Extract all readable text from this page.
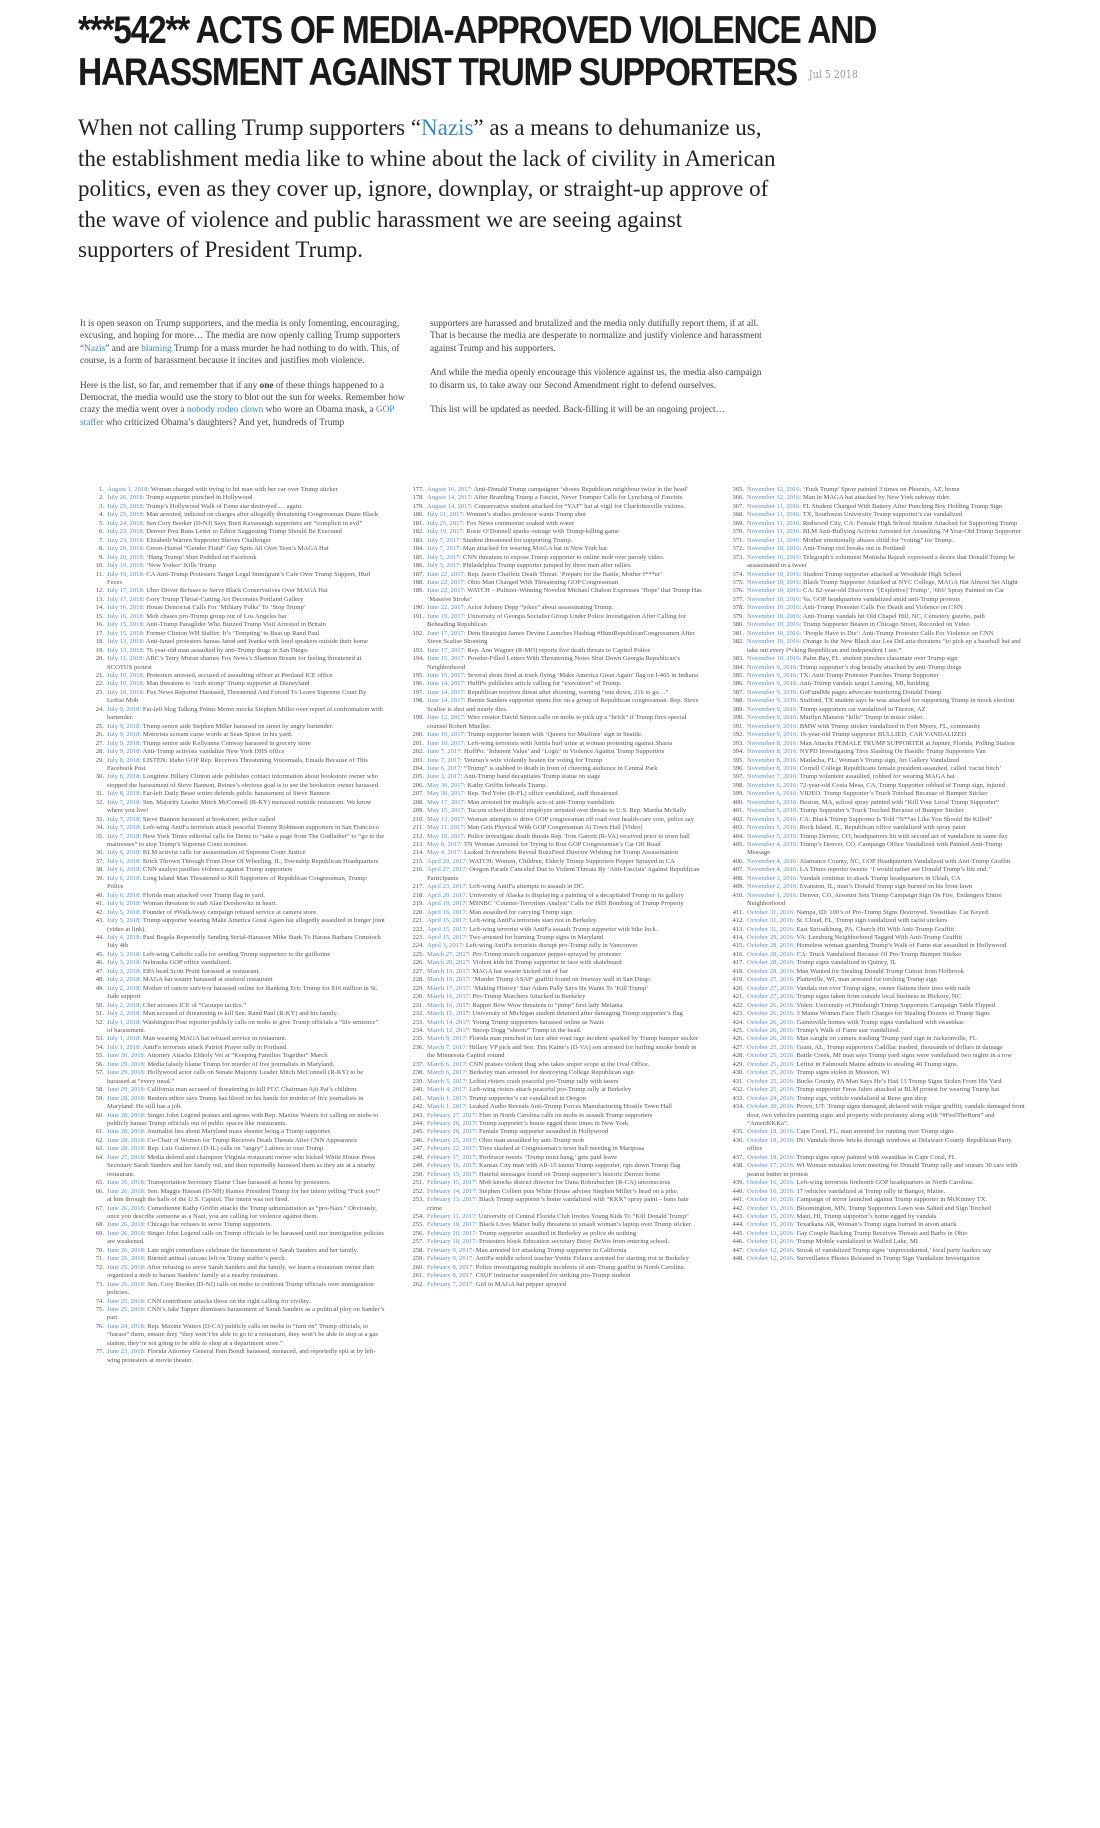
***542** ACTS OF MEDIA-APPROVED VIOLENCE AND
HARASSMENT AGAINST TRUMP SUPPORTERS Jul 5 2018
When not calling Trump supporters “Nazis” as a means to dehumanize us, the establishment media like to whine about the lack of civility in American politics, even as they cover up, ignore, downplay, or straight-up approve of the wave of violence and public harassment we are seeing against supporters of President Trump.

It is open season on Trump supporters, and the media is only fomenting, encouraging, excusing, and hoping for more… The media are now openly calling Trump supporters “Nazis” and are blaming Trump for a mass murder he had nothing to do with. This, of course, is a form of harassment because it incites and justifies mob violence.

Here is the list, so far, and remember that if any one of these things happened to a Democrat, the media would use the story to blot out the sun for weeks. Remember how crazy the media went over a nobody rodeo clown who wore an Obama mask, a GOP staffer who criticized Obama’s daughters? And yet, hundreds of Trump

supporters are harassed and brutalized and the media only dutifully report them, if at all. That is because the media are desperate to normalize and justify violence and harassment against Trump and his supporters.

And while the media openly encourage this violence against us, the media also campaign to disarm us, to take away our Second Amendment right to defend ourselves.

This list will be updated as needed. Back-filling it will be an ongoing project…

1. August 1, 2018: Woman charged with trying to hit man with her car over Trump sticker
2. July 26, 2018: Trump supporter punched in Hollywood
3. July 25, 2018: Trump’s Hollywood Walk of Fame star destroyed … again.
4. July 25, 2018: Man arrested, indicted on charges after allegedly threatening Congressman Diane Black
5. July 24, 2018: Sen Cory Booker (D-NJ) Says Brett Kavanaugh supporters are “complicit in evil”
6. July 23, 2018: Denver Post Runs Letter to Editor Suggesting Trump Should Be Executed
7. July 23, 2018: Elizabeth Warren Supporter Shoves Challenger
8. July 20, 2018: Green-Haired “Gender Fluid” Guy Spits All Over Teen’s MAGA Hat
9. July 20, 2018: ‘Hang Trump’ Shirt Peddled on Facebook
10. July 19, 2018: ‘New Yorker’ Kills Trump
11. July 19, 2018: CA Anti-Trump Protesters Target Legal Immigrant’s Cafe Over Trump Support, Hurl Feces
12. July 17, 2018: Uber Driver Refuses to Serve Black Conservatives Over MAGA Hat
13. July 17, 2018: Gory Trump Throat-Cutting Art Decorates Portland Gallery
14. July 16, 2018: House Democrat Calls For ‘Military Folks’ To ‘Stop Trump’
15. July 16, 2018: Mob chases pro-Trump group out of Los Angeles bar
16. July 15, 2018: Anti-Trump Paraglider Who Buzzed Trump Visit Arrested in Britain
17. July 15, 2018: Former Clinton WH Staffer: It’s ‘Tempting’ to Beat up Rand Paul
18. July 13, 2018: Anti-Israel protesters harass Jared and Ivanka with loud speakers outside their home
19. July 13, 2018: 76 year-old man assaulted by anti-Trump thugs in San Diego.
20. July 11, 2018: ABC’s Terry Moran shames Fox News’s Shannon Bream for feeling threatened at SCOTUS protest
21. July 10, 2018: Protesters arrested, accused of assaulting officer at Portland ICE office
22. July 10, 2018: Man threatens to ‘curb stomp’ Trump supporter at Disneyland
23. July 10, 2018: Fox News Reporter Harassed, Threatened And Forced To Leave Supreme Court By Leftist Mob
24. July 9, 2018: Far-left blog Talking Points Memo mocks Stephen Miller over report of confrontation with bartender.
25. July 9, 2018: Trump senior aide Stephen Miller harassed on street by angry bartender.
26. July 9, 2018: Motorists scream curse words at Sean Spicer in his yard.
27. July 9, 2018: Trump senior aide Kellyanne Conway harassed in grocery store
28. July 9, 2018: Anti-Trump activists vandalize New York DHS office
29. July 8, 2018: LISTEN: Idaho GOP Rep. Receives Threatening Voicemails, Emails Because of This Facebook Post
30. July 8, 2018: Longtime Hillary Clinton aide publishes contact information about bookstore owner who stopped the harassment of Steve Bannon, Reines’s obvious goal is to see the bookstore owner harassed.
31. July 8, 2018: Far-left Daily Beast writer defends public harassment of Steve Bannon
32. July 7, 2018: Sen. Majority Leader Mitch McConnell (R-KY) menaced outside restaurant. We know where you live!
33. July 7, 2018: Steve Bannon harassed at bookstore; police called
34. July 7, 2018: Left-wing AntiFa terrorists attack peaceful Tommy Robinson supporters in San Francisco
35. July 7, 2018: New York Times editorial calls for Dems to “take a page from The Godfather” to “go to the mattresses” to stop Trump’s Supreme Court nominee.
36. July 6, 2018: BLM activist calls for assassination of Supreme Court Justice
37. July 6, 2018: Brick Thrown Through Front Door Of Wheeling, IL, Township Republican Headquarters
38. July 6, 2018: CNN analyst justifies violence against Trump supporters
39. July 6, 2018: Long Island Man Threatened to Kill Supporters of Republican Congressman, Trump: Police
40. July 6, 2018: Florida man attacked over Trump flag in yard.
41. July 6, 2018: Woman threatens to stab Alan Dershowitz in heart.
42. July 5, 2018: Founder of #WalkAway campaign refused service at camera store.
43. July 5, 2018: Trump supporter wearing Make America Great Again hat allegedly assaulted in burger joint (video at link).
44. July 4, 2018: Paul Begala Reportedly Sending Serial-Harasser Mike Stark To Harass Barbara Comstock July 4th
45. July 3, 2018: Left-wing Catholic calls for sending Trump supporters to the guillotine
46. July 3, 2018: Nebraska GOP office vandalized.
47. July 3, 2018: EPA head Scott Pruitt harassed at restaurant.
48. July 2, 2018: MAGA hat wearer harassed at seafood restaurant
49. July 2, 2018: Mother of cancer survivor harassed online for thanking Eric Trump for $16 million in St. Jude support
50. July 2, 2018: Cher accuses ICE of “Gestapo tactics.”
51. July 2, 2018: Man accused of threatening to kill Sen. Rand Paul (R-KY) and his family.
52. July 1, 2018: Washington Post reporter publicly calls on mobs to give Trump officials a “life sentence” of harassment.
53. July 1, 2018: Man wearing MAGA hat refused service in restaurant.
54. July 1, 2018: AntiFa terrorists attack Patriot Prayer rally in Portland.
55. June 30, 2018: Attorney Attacks Elderly Vet at “Keeping Families Together” March
56. June 29, 2018: Media falsely blame Trump for murder of five journalists in Maryland.
57. June 29, 2018: Hollywood actor calls on Senate Majority Leader Mitch McConnell (R-KY) to be harassed at “every meal.”
58. June 29, 2018: California man accused of threatening to kill FCC Chairman Ajit Pai’s children.
59. June 28, 2018: Reuters editor says Trump has blood on his hands for murder of five journalists in Maryland. He still has a job.
60. June 28, 2018: Singer John Legend praises and agrees with Rep. Maxine Waters for calling on mobs to publicly harass Trump officials out of public spaces like restaurants.
61. June 28, 2018: Journalist lies about Maryland mass shooter being a Trump supporter.
62. June 28, 2018: Co-Chair of Women for Trump Receives Death Threats After CNN Appearance
63. June 28, 2018: Rep. Luis Gutierrez (D-IL) calls on “angry” Latinos to oust Trump.
64. June 27, 2018: Media defend and champion Virginia restaurant owner who kicked White House Press Secretary Sarah Sanders and her family out, and then reportedly harassed them as they ate at a nearby restaurant.
65. June 26, 2018: Transportation Secretary Elaine Chao harassed at home by protesters.
66. June 26, 2018: Sen. Maggie Hassan (D-NH) blames President Trump for her intern yelling “Fuck you!” at him through the halls of the U.S. Capitol. The intern was not fired.
67. June 26, 2018: Comedienne Kathy Griffin attacks the Trump administration as “pro-Nazi.” Obviously, once you describe someone as a Nazi, you are calling for violence against them.
68. June 26, 2018: Chicago bar refuses to serve Trump supporters.
69. June 26, 2018: Singer John Legend calls on Trump officials to be harassed until our immigration policies are weakened.
70. June 26, 2018: Late night comedians celebrate the harassment of Sarah Sanders and her family.
71. June 25, 2018: Burned animal carcass left on Trump staffer’s porch.
72. June 25, 2018: After refusing to serve Sarah Sanders and the family, we learn a restaurant owner then organized a mob to harass Sanders’ family at a nearby restaurant.
73. June 25, 2018: Sen. Cory Booker (D-NJ) calls on mobs to confront Trump officials over immigration policies.
74. June 25, 2018: CNN contributor attacks those on the right calling for civility.
75. June 25, 2018: CNN’s Jake Tapper dismisses harassment of Sarah Sanders as a political ploy on Sander’s part.
76. June 24, 2018: Rep. Maxine Waters (D-CA) publicly calls on mobs to “turn on” Trump officials, to “harass” them, ensure they “they won’t be able to go to a restaurant, they won’t be able to stop at a gas station, they’re not going to be able to shop at a department store.”
77. June 23, 2018: Florida Attorney General Pam Bondi harassed, menaced, and reportedly spit at by left-wing protesters at movie theater.
177. August 16, 2017: Anti-Donald Trump campaigner ‘shoots Republican neighbour twice in the head’
178. August 14, 2017: After Branding Trump a Fascist, Never Trumper Calls for Lynching of Fascists
179. August 14, 2017: Conservative student attacked for “YAF” hat at vigil for Charlottesville victims.
180. July 31, 2017: Women’s studies professor wants Trump shot
181. July 25, 2017: Fox News commenter soaked with water
182. July 19, 2017: Rosie O’Donnell sparks outrage with Trump-killing game
183. July 7, 2017: Student threatened for supporting Trump.
184. July 7, 2017: Man attacked for wearing MAGA hat in New York bar.
185. July 5, 2017: CNN threatens to expose Trump supporter to online mob over parody video.
186. July 3, 2017: Philadelphia Trump supporter jumped by three men after rallies
187. June 22, 2017: Rep. Jason Chaffetz Death Threat: ‘Prepare for the Battle, Mother f***er’
188. June 22, 2017: Ohio Man Charged With Threatening GOP Congressman
189. June 22, 2017: WATCH – Pulitzer-Winning Novelist Michael Chabon Expresses ‘Hope’ that Trump Has ‘Massive Stroke’
190. June 22, 2017: Actor Johnny Depp “jokes” about assassinating Trump.
191. June 19, 2017: University of Georgia Socialist Group Under Police Investigation After Calling for Beheading Republican
192. June 17, 2017: Dem Strategist James Devine Launches Hashtag #HuntRepublicanCongressmen After Steve Scalise Shooting
193. June 17, 2017: Rep. Ann Wagner (R-MO) reports five death threats to Capitol Police
194. June 15, 2017: Powder-Filled Letters With Threatening Notes Shut Down Georgia Republican’s Neighborhood
195. June 15, 2017: Several shots fired at truck flying ‘Make America Great Again’ flag on I-465 in Indiana
196. June 14, 2017: HuffPo publishes article calling for “execution” of Trump.
197. June 14, 2017: Republican receives threat after shooting, warning “one down, 216 to go…”
198. June 14, 2017: Bernie Sanders supporter opens fire on a group of Republican congressman. Rep. Steve Scalise is shot and nearly dies.
199. June 12, 2017: Wire creator David Simon calls on mobs to pick up a “brick” if Trump fires special counsel Robert Mueller.
200. June 10, 2017: Trump supporter beaten with ‘Queers for Muslims’ sign in Seattle.
201. June 10, 2017: Left-wing terrorists with Antifa hurl urine at woman protesting against Sharia
202. June 7, 2017: HuffPo: ‘Inherent Value’ and ‘Logic’ in Violence Against Trump Supporters
203. June 7, 2017: Veteran’s wife violently beaten for voting for Trump
204. June 6, 2017: “Trump” is stabbed to death in front of cheering audience in Central Park
205. June 3, 2017: Anti-Trump band decapitates Trump statue on stage
206. May 30, 2017: Kathy Griffin beheads Trump.
207. May 30, 2017: Rep. Ted Yoho (R-FL) office vandalized, staff threatened
208. May 17, 2017: Man arrested for multiple acts of anti-Trump vandalism
209. May 15, 2017: Tucson school district employee arrested over threats to U.S. Rep. Martha McSally
210. May 13, 2017: Woman attempts to drive GOP congressman off road over health-care vote, police say
211. May 11, 2017: Man Gets Physical With GOP Congressman At Town Hall [Video]
212. May 10, 2017: Police investigate death threats Rep. Tom Garrett (R-VA) received prior to town hall
213. May 8, 2017: TN Woman Arrested for Trying to Run GOP Congressman’s Car Off Road
214. May 4, 2017: Leaked Screenshots Reveal BuzzFeed Director Wishing for Trump Assassination
215. April 29, 2017: WATCH: Women, Children, Elderly Trump Supporters Pepper Sprayed in CA
216. April 27, 2017: Oregon Parade Canceled Due to Violent Threats By ‘Anti-Fascists’ Against Republican Participants
217. April 23, 2017: Left-wing AntiFa attempts to assault in DC.
218. April 20, 2017: University of Alaska is displaying a painting of a decapitated Trump in its gallery
219. April 19, 2017: MSNBC ‘Counter-Terrorism Analyst’ Calls for ISIS Bombing of Trump Property
220. April 16, 2017: Man assaulted for carrying Trump sign
221. April 15, 2017: Left-wing AntiFa terrorists start riot in Berkeley.
222. April 15, 2017: Left-wing terrorist with AntiFa assault Trump supporter with bike lock.
223. April 15, 2017: Two arrested for burning Trump signs in Maryland
224. April 3, 2017: Left-wing AntiFa terrorists disrupt pro-Trump rally in Vancouver
225. March 27, 2017: Pro-Trump march organizer pepper-sprayed by protester
226. March 20, 2017: Violent kids hit Trump supporter in face with skateboard
227. March 19, 2017: MAGA hat wearer kicked out of bar
228. March 19, 2017: ‘Murder Trump ASAP’ graffiti found on freeway wall in San Diego
229. March 17, 2017: ‘Making History’ Star Adam Pally Says He Wants To ‘Kill Trump’
230. March 16, 2017: Pro-Trump Marchers Attacked in Berkeley
231. March 16, 2017: Rapper Bow Wow threatens to “pimp” first lady Melania
232. March 15, 2017: University of Michigan student detained after damaging Trump supporter’s flag
233. March 14, 2017: Young Trump supporters harassed online as Nazis
234. March 12, 2017: Snoop Dogg “shoots” Trump in the head.
235. March 9, 2017: Florida man punched in face after road rage incident sparked by Trump bumper sticker
236. March 7, 2017: Hillary VP pick and Sen. Tim Kaine’s (D-VA) son arrested for hurling smoke bomb in the Minnesota Capitol rotund
237. March 6, 2017: CNN praises violent thug who takes sniper scope at the Oval Office.
238. March 6, 2017: Berkeley man arrested for destroying College Republican sign
239. March 5, 2017: Leftist rioters crash peaceful pro-Trump rally with tasers
240. March 4, 2017: Left-wing rioters attack peaceful pro-Trump rally at Berkeley
241. March 1, 2017: Trump supporter’s car vandalized in Oregon
242. March 1, 2017: Leaked Audio Reveals Anti-Trump Forces Manufacturing Hostile Town Hall
243. February 27, 2017: Flier in North Carolina calls on mobs to assault Trump supporters
244. February 26, 2017: Trump supporter’s house egged three times in New York
245. February 26, 2017: Female Trump supporter assaulted in Hollywood
246. February 25, 2017: Ohio man assaulted by anti-Trump mob
247. February 22, 2017: Tires slashed at Congressman’s town hall meeting in Mariposa
248. February 17, 2017: Professor tweets ‘Trump must hang,’ gets paid leave
249. February 16, 2017: Kansas City man with AR-15 taunts Trump supporter, rips down Trump flag
250. February 15, 2017: Hateful messages found on Trump supporter’s historic Denver home
251. February 15, 2017: Mob knocks district director for Dana Rohrabacher (R-CA) unconscious
252. February 14, 2017: Stephen Colbert puts White House adviser Stephen Miller’s head on a pike.
253. February 13, 2017: Black Trump supporter’s home vandalized with “KKK” spray paint – bans hate crime
254. February 11, 2017: University of Central Florida Club Invites Young Kids To “Kill Donald Trump”
255. February 10, 2017: Black Lives Matter bully threatens to smash woman’s laptop over Trump sticker.
256. February 10, 2017: Trump supporter assaulted in Berkeley as police do nothing
257. February 10, 2017: Protesters block Education secretary Betsy DeVos from entering school.
258. February 9, 2017: Man arrested for attacking Trump supporter in California
259. February 9, 2017: AntiFa middle school teacher Yvette Felarca arrested for starting riot in Berkeley
260. February 8, 2017: Police investigating multiple incidents of anti-Trump graffiti in North Carolina.
261. February 8, 2017: CSUF instructor suspended for striking pro-Trump student
262. February 7, 2017: Girl in MAGA hat pepper sprayed
365. November 12, 2016: ‘Fuck Trump’ Spray painted 3 times on Phoenix, AZ, home
366. November 12, 2016: Man in MAGA hat attacked by New York subway rider.
367. November 11, 2016: FL Student Charged With Battery After Punching Boy Holding Trump Sign
368. November 11, 2016: TX, Southwest University Trump supporter’s car vandalized
369. November 11, 2016: Redwood City, CA: Female High School Student Attacked for Supporting Trump
370. November 11, 2016: BLM Anti-Bullying Activist Arrested for Assaulting 74 Year-Old Trump Supporter
371. November 11, 2016: Mother emotionally abuses child for “voting” for Trump.
372. November 10, 2016: Anti-Trump riot breaks out in Portland
373. November 10, 2016: Telegraph’s columnist Monisha Rajesh expressed a desire that Donald Trump be assassinated in a tweet
374. November 10, 2016: Student Trump supporter attacked at Woodside High School
375. November 10, 2016: Black Trump Supporter Attacked at NYC College, MAGA Hat Almost Set Alight
376. November 10, 2016: CA: 82-year-old Discovers ‘[Expletive] Trump’, ‘666’ Spray Painted on Car
377. November 10, 2016: Va. GOP headquarters vandalized amid anti-Trump protests
378. November 10, 2016: Anti-Trump Protester Calls For Death and Violence on CNN
379. November 10, 2016: Anti-Trump vandals hit Old Chapel Hill, NC, Cemetery gazebo, path
380. November 10, 2016: Trump Supporter Beaten in Chicago Street, Recorded on Video
381. November 10, 2016: ‘People Have to Die’: Anti-Trump Protester Calls For Violence on CNN
382. November 10, 2016: Orange Is the New Black star Lea DeLaria threatens “to pick up a baseball bat and take out every f*cking Republican and independent I see.”
383. November 10, 2016: Palm Bay, FL. student punches classmate over Trump sign
384. November 9, 2016: Trump supporter’s dog brutally attacked by anti-Trump thugs
385. November 9, 2016: TX: Anti-Trump Protester Punches Trump Supporter
386. November 9, 2016: Anti-Trump vandals target Lansing, MI, building
387. November 9, 2016: GoFundMe pages advocate murdering Donald Trump
388. November 9, 2016: Stafford, TX student says he was attacked for supporting Trump in mock election
389. November 9, 2016: Trump supporters car vandalized in Tucson, AZ
390. November 9, 2016: Marilyn Manson “kills” Trump in music video.
391. November 9, 2016: BMW with Trump sticker vandalized in Fort Myers, FL, community
392. November 9, 2016: 16-year-old Trump supporter BULLIED, CAR VANDALIZED
393. November 8, 2016: Man Attacks FEMALE TRUMP SUPPORTER at Jupiter, Florida, Polling Station
394. November 8, 2016: NYPD Investigating Tires Slashing On Hasidic Trump Supporters Van
395. November 8, 2016: Matlacha, FL: Woman’s Trump sign, Art Gallery Vandalized
396. November 8, 2016: Cornell College Republicans female president assaulted, called ‘racist bitch’
397. November 7, 2016: Trump volunteer assaulted, robbed for wearing MAGA hat
398. November 6, 2016: 72-year-old Costa Mesa, CA, Trump Supporter robbed of Trump sign, injured
399. November 6, 2016: VIDEO: Trump Supporter’s Truck Torched Because of Bumper Sticker
400. November 6, 2016: Boston, MA, school spray painted with “Kill Your Local Trump Supporter”
401. November 5, 2016: Trump Supporter’s Truck Torched Because of Bumper Sticker
402. November 5, 2016: CA: Black Trump Supporter Is Told “N**as Like You Should Be Killed”
403. November 5, 2016: Rock Island, IL, Republican office vandalized with spray paint
404. November 5, 2016: Trump Denver, CO, headquarters hit with second act of vandalism in same day
405. November 4, 2016: Trump’s Denver, CO, Campaign Office Vandalized with Painted Anti-Trump Message
406. November 4, 2016: Alamance County, NC, GOP Headquarters Vandalized with Anti-Trump Graffiti
407. November 4, 2016: LA Times reporter tweets: ‘I would rather see Donald Trump’s life end.’
408. November 3, 2016: Vandals continue to attack Trump headquarters in Ukiah, CA
409. November 2, 2016: Evanston, IL, man’s Donald Trump sign burned on his front lawn
410. November 1, 2016: Denver, CO, Arsonist Sets Trump Campaign Sign On Fire, Endangers Entire Neighborhood
411. October 31, 2016: Nampa, ID: 100’s of Pro-Trump Signs Destroyed. Swastikas. Car Keyed.
412. October 31, 2016: St. Cloud, FL, Trump sign vandalized with racist stickers
413. October 31, 2016: East Stroudsburg, PA, Church Hit With Anti-Trump Graffiti
414. October 29, 2016: VA: Leesburg Neighborhood Tagged With Anti-Trump Graffiti
415. October 28, 2016: Homeless woman guarding Trump’s Walk of Fame star assaulted in Hollywood.
416. October 28, 2016: CA: Truck Vandalized Because Of Pro-Trump Bumper Sticker
417. October 28, 2016: Trump signs vandalized in Quincy, IL
418. October 28, 2016: Man Wanted for Stealing Donald Trump Cutout from Holbrook
419. October 27, 2016: Platteville, WI, man arrested for torching Trump sign
420. October 27, 2016: Vandals run over Trump signs, owner flattens their tires with nails
421. October 27, 2016: Trump signs taken from outside local business in Hickory, NC
422. October 26, 2016: Video: University of Pittsburgh Trump Supporters Campaign Table Flipped
423. October 26, 2016: 3 Maine Women Face Theft Charges for Stealing Dozens of Trump Signs
424. October 26, 2016: Gainesville homes with Trump signs vandalized with swastikas
425. October 26, 2016: Trump’s Walk of Fame star vandalized.
426. October 26, 2016: Man caught on camera trashing Trump yard sign in Jacksonville, FL
427. October 25, 2016: Grant, AL, Trump supporters Cadillac trashed, thousands of dollars in damage
428. October 25, 2016: Battle Creek, MI man says Trump yard signs were vandalized two nights in a row
429. October 25, 2016: Leftist in Falmouth Maine admits to stealing 40 Trump signs.
430. October 25, 2016: Trump signs stolen in Meeston, WI
431. October 25, 2016: Bucks County, PA Man Says He’s Had 13 Trump Signs Stolen From His Yard
432. October 25, 2016: Trump supporter Feras Jabro attacked at BLM protest for wearing Trump hat
433. October 24, 2016: Trump sign, vehicle vandalized at Reno gun shop
434. October 20, 2016: Provo, UT: Trump signs damaged, defaced with vulgar graffiti; vandals damaged front door, two vehicles painting signs and property with profanity along with “#FeelTheBurn” and “AmeriKKKa”.
435. October 18, 2016: Cape Coral, FL, man arrested for running over Trump signs
436. October 18, 2016: IN: Vandals throw bricks through windows at Delaware County Republican Party office
437. October 18, 2016: Trump signs spray painted with swastikas in Cape Coral, FL
438. October 17, 2016: WI Woman mistakes town meeting for Donald Trump rally and smears 30 cars with peanut butter in protest
439. October 16, 2016: Left-wing terrorists firebomb GOP headquarters in North Carolina.
440. October 16, 2016: 17 vehicles vandalized at Trump rally in Bangor, Maine.
441. October 16, 2016: Campaign of terror launched against Trump supporter in McKinney TX.
442. October 15, 2016: Bloomington, MN, Trump Supporters Lawn was Salted and Sign Torched
443. October 15, 2016: Maui, HI, Trump supporter’s home egged by vandals
444. October 15, 2016: Texarkana AR, Woman’s Trump signs burned in arson attack
445. October 13, 2016: Gay Couple Backing Trump Receives Threats and Barbs in Ohio
446. October 13, 2016: Trump Mobile vandalized in Walled Lake, MI
447. October 12, 2016: Streak of vandalized Trump signs ‘unprecedented,’ local party leaders say
448. October 12, 2016: Surveillance Photos Released in Trump Sign Vandalism Investigation
